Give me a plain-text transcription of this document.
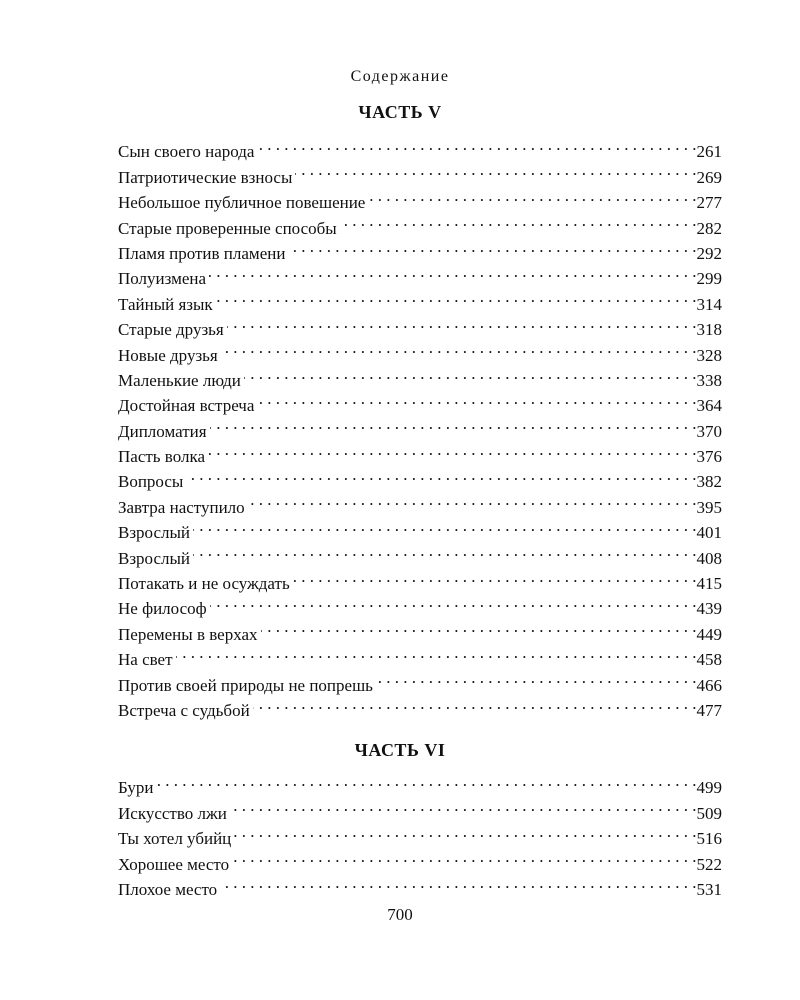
Содержание
ЧАСТЬ V
Сын своего народа . . .	261
Патриотические взносы . . .	269
Небольшое публичное повешение . . .	277
Старые проверенные способы . . .	282
Пламя против пламени . . .	292
Полуизмена . . .	299
Тайный язык . . .	314
Старые друзья . . .	318
Новые друзья . . .	328
Маленькие люди . . .	338
Достойная встреча . . .	364
Дипломатия . . .	370
Пасть волка . . .	376
Вопросы . . .	382
Завтра наступило . . .	395
Взрослый . . .	401
Взрослый . . .	408
Потакать и не осуждать . . .	415
Не философ . . .	439
Перемены в верхах . . .	449
На свет . . .	458
Против своей природы не попрешь . . .	466
Встреча с судьбой . . .	477
ЧАСТЬ VI
Бури . . .	499
Искусство лжи . . .	509
Ты хотел убийц . . .	516
Хорошее место . . .	522
Плохое место . . .	531
700
